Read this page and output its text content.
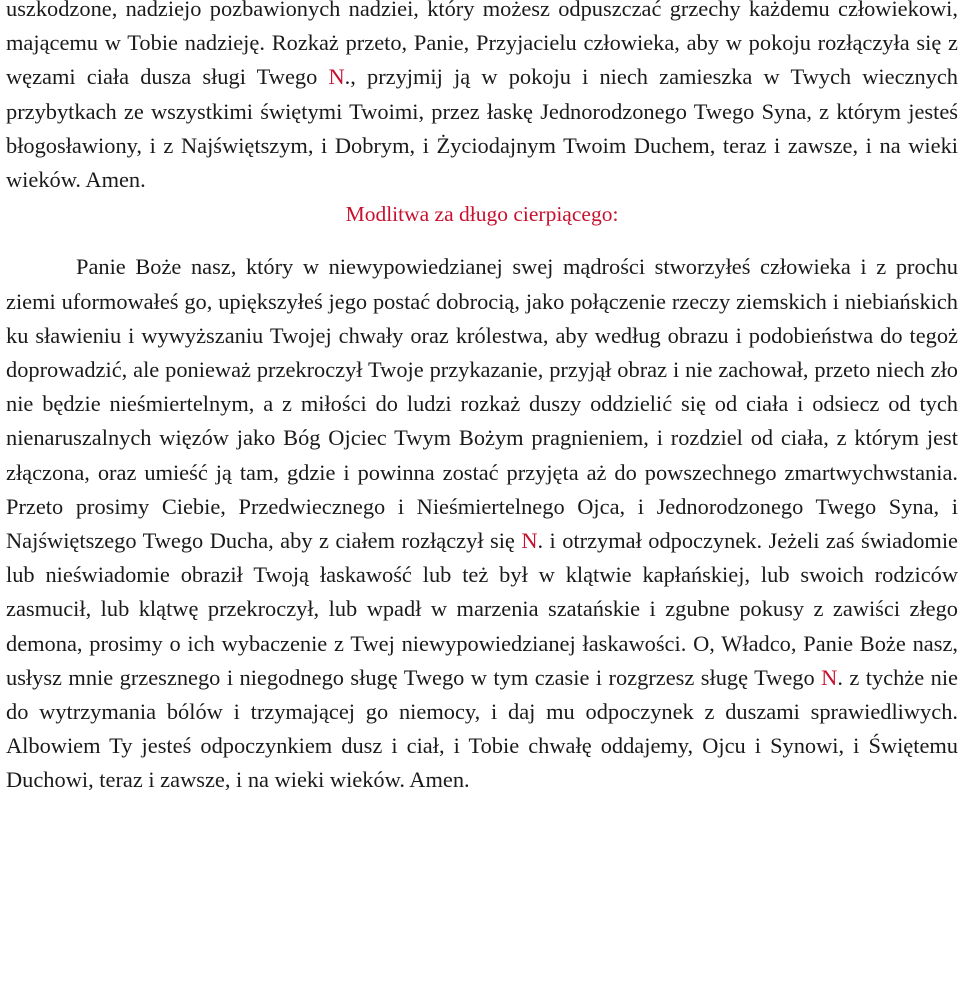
uszkodzone, nadziejo pozbawionych nadziei, który możesz odpuszczać grzechy każdemu człowiekowi, mającemu w Tobie nadzieję. Rozkaż przeto, Panie, Przyjacielu człowieka, aby w pokoju rozłączyła się z węzami ciała dusza sługi Twego N., przyjmij ją w pokoju i niech zamieszka w Twych wiecznych przybytkach ze wszystkimi świętymi Twoimi, przez łaskę Jednorodzonego Twego Syna, z którym jesteś błogosławiony, i z Najświętszym, i Dobrym, i Życiodajnym Twoim Duchem, teraz i zawsze, i na wieki wieków. Amen.

Modlitwa za długo cierpiącego:

Panie Boże nasz, który w niewypowiedzianej swej mądrości stworzyłeś człowieka i z prochu ziemi uformowałeś go, upiększyłeś jego postać dobrocią, jako połączenie rzeczy ziemskich i niebiańskich ku sławieniu i wywyższaniu Twojej chwały oraz królestwa, aby według obrazu i podobieństwa do tegoż doprowadzić, ale ponieważ przekroczył Twoje przykazanie, przyjął obraz i nie zachował, przeto niech zło nie będzie nieśmiertelnym, a z miłości do ludzi rozkaż duszy oddzielić się od ciała i odsiecz od tych nienaruszalnych więzów jako Bóg Ojciec Twym Bożym pragnieniem, i rozdziel od ciała, z którym jest złączona, oraz umieść ją tam, gdzie i powinna zostać przyjęta aż do powszechnego zmartwychwstania. Przeto prosimy Ciebie, Przedwiecznego i Nieśmiertelnego Ojca, i Jednorodzonego Twego Syna, i Najświętszego Twego Ducha, aby z ciałem rozłączył się N. i otrzymał odpoczynek. Jeżeli zaś świadomie lub nieświadomie obraził Twoją łaskawość lub też był w klątwie kapłańskiej, lub swoich rodziców zasmucił, lub klątwę przekroczył, lub wpadł w marzenia szatańskie i zgubne pokusy z zawiści złego demona, prosimy o ich wybaczenie z Twej niewypowiedzianej łaskawości. O, Władco, Panie Boże nasz, usłysz mnie grzesznego i niegodnego sługę Twego w tym czasie i rozgrzesz sługę Twego N. z tychże nie do wytrzymania bólów i trzymającej go niemocy, i daj mu odpoczynek z duszami sprawiedliwych. Albowiem Ty jesteś odpoczynkiem dusz i ciał, i Tobie chwałę oddajemy, Ojcu i Synowi, i Świętemu Duchowi, teraz i zawsze, i na wieki wieków. Amen.
